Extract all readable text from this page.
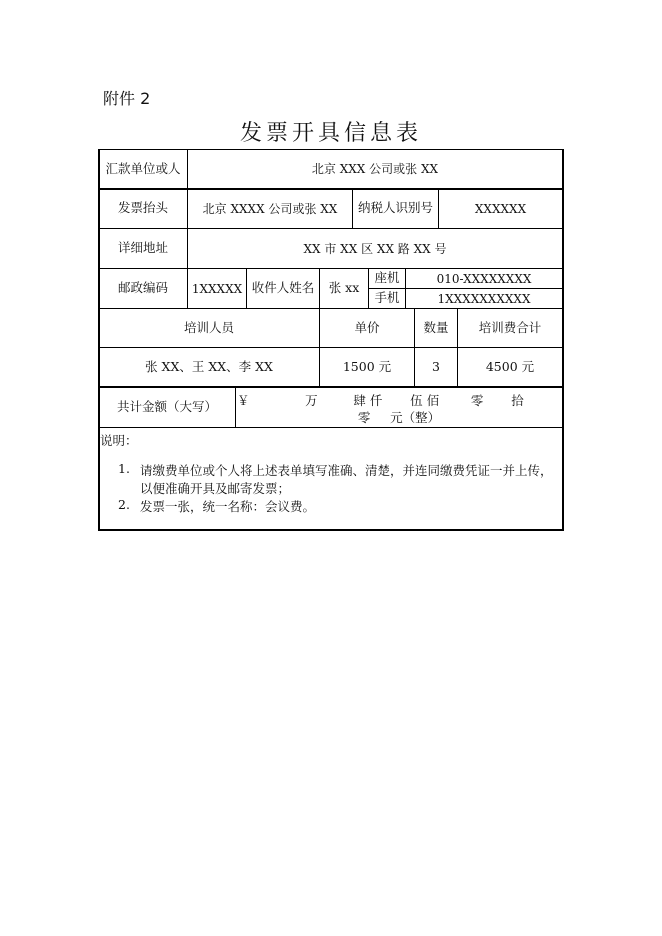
附件 2
发票开具信息表
汇款单位或人	北京 XXX 公司或张 XX
发票抬头	北京 XXXX 公司或张 XX	纳税人识别号	XXXXXX
详细地址	XX 市 XX 区 XX 路 XX 号
邮政编码	1XXXXX 收件人姓名	张 xx
座机	010-XXXXXXXX
手机	1XXXXXXXXXX
培训人员	单价	数量	培训费合计
张 XX、王 XX、李 XX	1500 元	3	4500 元
共计金额（大写）	￥              万         肆 仟       伍 佰        零       拾
零     元（整）
说明：
1. 请缴费单位或个人将上述表单填写准确、清楚，并连同缴费凭证一并上传，
以便准确开具及邮寄发票；
2. 发票一张，统一名称：会议费。
